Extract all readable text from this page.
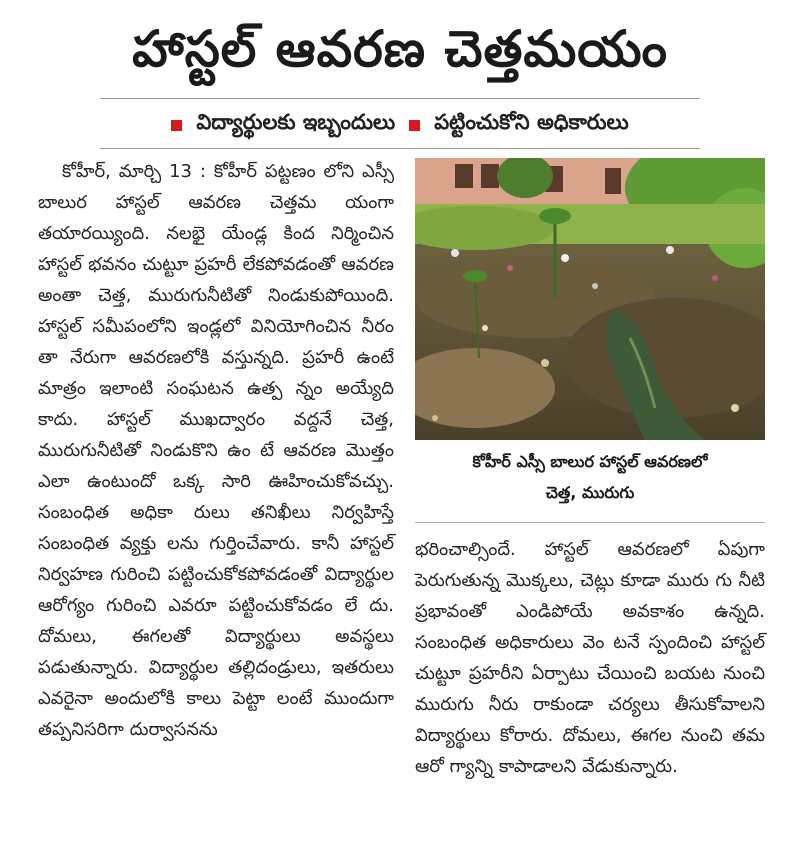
హాస్టల్ ఆవరణ చెత్తమయం
విద్యార్థులకు ఇబ్బందులు పట్టించుకోని అధికారులు

కోహీర్, మార్చి 13 : కోహీర్ పట్టణం లోని ఎస్సీ బాలుర హాస్టల్ ఆవరణ చెత్తమ యంగా తయారయ్యింది. నలభై యేండ్ల కింద నిర్మించిన హాస్టల్ భవనం చుట్టూ ప్రహరీ లేకపోవడంతో ఆవరణ అంతా చెత్త, మురుగునీటితో నిండుకుపోయింది. హాస్టల్ సమీపంలోని ఇండ్లలో వినియోగించిన నీరం తా నేరుగా ఆవరణలోకి వస్తున్నది. ప్రహరీ ఉంటే మాత్రం ఇలాంటి సంఘటన ఉత్ప న్నం అయ్యేది కాదు. హాస్టల్ ముఖద్వారం వద్దనే చెత్త, మురుగునీటితో నిండుకొని ఉం టే ఆవరణ మొత్తం ఎలా ఉంటుందో ఒక్క సారి ఊహించుకోవచ్చు. సంబంధిత అధికా రులు తనిఖీలు నిర్వహిస్తే సంబంధిత వ్యక్తు లను గుర్తించేవారు. కానీ హాస్టల్ నిర్వహణ గురించి పట్టించుకోకపోవడంతో విద్యార్థుల ఆరోగ్యం గురించి ఎవరూ పట్టించుకోవడం లే దు. దోమలు, ఈగలతో విద్యార్థులు అవస్థలు పడుతున్నారు. విద్యార్థుల తల్లిదండ్రులు, ఇతరులు ఎవరైనా అందులోకి కాలు పెట్టా లంటే ముందుగా తప్పనిసరిగా దుర్వాసనను

కోహీర్ ఎస్సీ బాలుర హాస్టల్ ఆవరణలో
చెత్త, మురుగు

భరించాల్సిందే. హాస్టల్ ఆవరణలో ఏపుగా పెరుగుతున్న మొక్కలు, చెట్లు కూడా మురు గు నీటి ప్రభావంతో ఎండిపోయే అవకాశం ఉన్నది. సంబంధిత అధికారులు వెం టనే స్పందించి హాస్టల్ చుట్టూ ప్రహరీని ఏర్పాటు చేయించి బయట నుంచి మురుగు నీరు రాకుండా చర్యలు తీసుకోవాలని విద్యార్థులు కోరారు. దోమలు, ఈగల నుంచి తమ ఆరో గ్యాన్ని కాపాడాలని వేడుకున్నారు.
